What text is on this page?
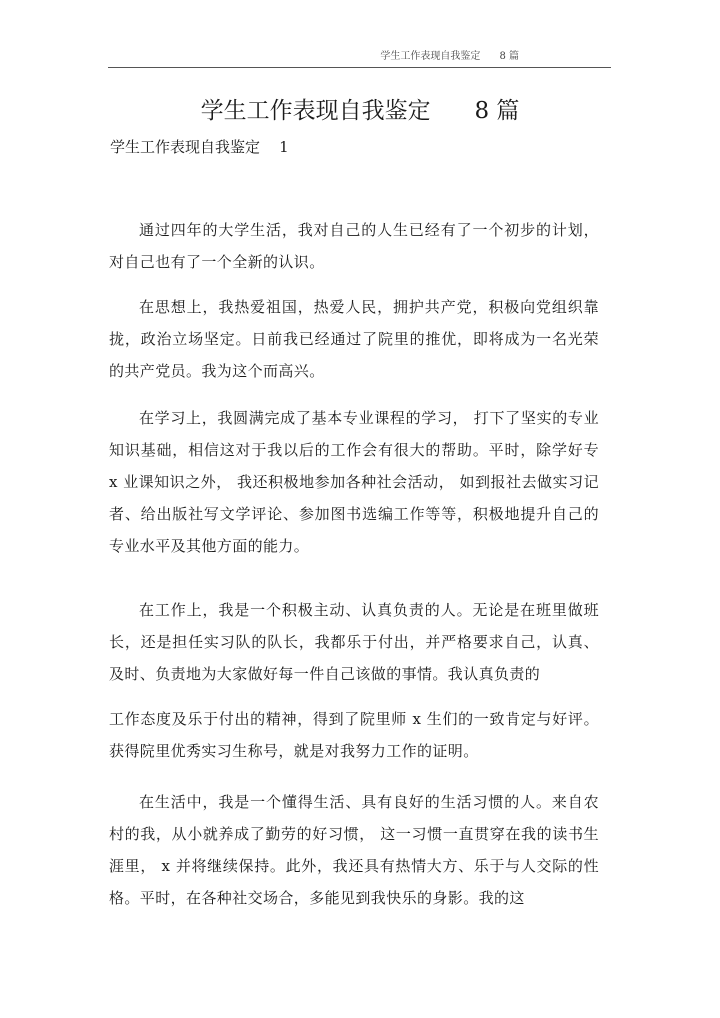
学生工作表现自我鉴定      8 篇
学生工作表现自我鉴定      8 篇
学生工作表现自我鉴定    1

通过四年的大学生活，我对自己的人生已经有了一个初步的计划，对自己也有了一个全新的认识。

在思想上，我热爱祖国，热爱人民，拥护共产党，积极向党组织靠拢，政治立场坚定。日前我已经通过了院里的推优，即将成为一名光荣的共产党员。我为这个而高兴。

在学习上，我圆满完成了基本专业课程的学习， 打下了坚实的专业知识基础，相信这对于我以后的工作会有很大的帮助。平时，除学好专 x 业课知识之外， 我还积极地参加各种社会活动， 如到报社去做实习记者、给出版社写文学评论、参加图书选编工作等等，积极地提升自己的专业水平及其他方面的能力。

在工作上，我是一个积极主动、认真负责的人。无论是在班里做班长，还是担任实习队的队长，我都乐于付出，并严格要求自己，认真、及时、负责地为大家做好每一件自己该做的事情。我认真负责的

工作态度及乐于付出的精神，得到了院里师 x 生们的一致肯定与好评。获得院里优秀实习生称号，就是对我努力工作的证明。

在生活中，我是一个懂得生活、具有良好的生活习惯的人。来自农村的我，从小就养成了勤劳的好习惯， 这一习惯一直贯穿在我的读书生涯里， x 并将继续保持。此外，我还具有热情大方、乐于与人交际的性格。平时，在各种社交场合，多能见到我快乐的身影。我的这
